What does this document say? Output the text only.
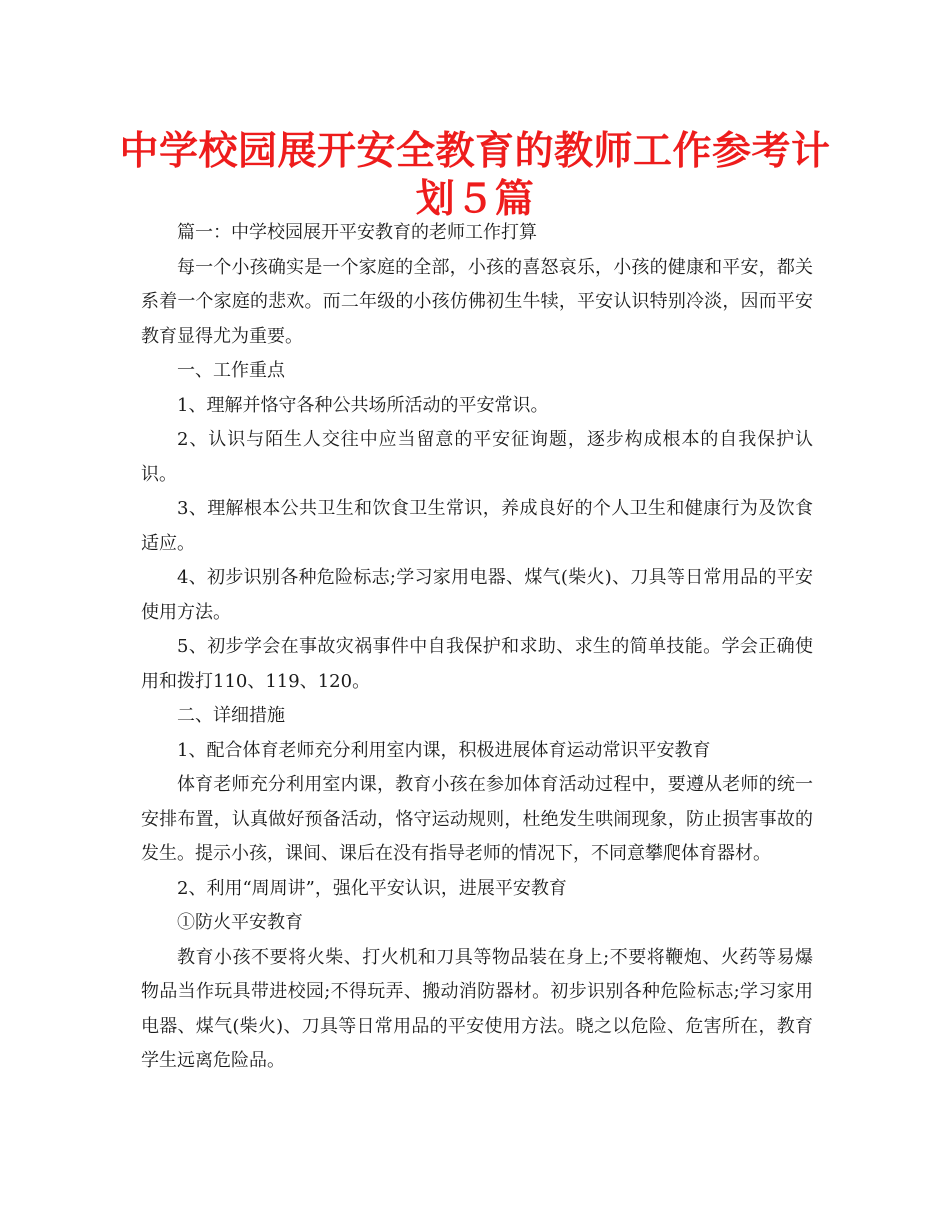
中学校园展开安全教育的教师工作参考计划５篇

篇一：中学校园展开平安教育的老师工作打算

每一个小孩确实是一个家庭的全部，小孩的喜怒哀乐，小孩的健康和平安，都关系着一个家庭的悲欢。而二年级的小孩仿佛初生牛犊，平安认识特别冷淡，因而平安教育显得尤为重要。

一、工作重点

1、理解并恪守各种公共场所活动的平安常识。

2、认识与陌生人交往中应当留意的平安征询题，逐步构成根本的自我保护认识。

3、理解根本公共卫生和饮食卫生常识，养成良好的个人卫生和健康行为及饮食适应。

4、初步识别各种危险标志;学习家用电器、煤气(柴火)、刀具等日常用品的平安使用方法。

5、初步学会在事故灾祸事件中自我保护和求助、求生的简单技能。学会正确使用和拨打110、119、120。

二、详细措施

1、配合体育老师充分利用室内课，积极进展体育运动常识平安教育

体育老师充分利用室内课，教育小孩在参加体育活动过程中，要遵从老师的统一安排布置，认真做好预备活动，恪守运动规则，杜绝发生哄闹现象，防止损害事故的发生。提示小孩，课间、课后在没有指导老师的情况下，不同意攀爬体育器材。

2、利用“周周讲”，强化平安认识，进展平安教育

①防火平安教育

教育小孩不要将火柴、打火机和刀具等物品装在身上;不要将鞭炮、火药等易爆物品当作玩具带进校园;不得玩弄、搬动消防器材。初步识别各种危险标志;学习家用电器、煤气(柴火)、刀具等日常用品的平安使用方法。晓之以危险、危害所在，教育学生远离危险品。
